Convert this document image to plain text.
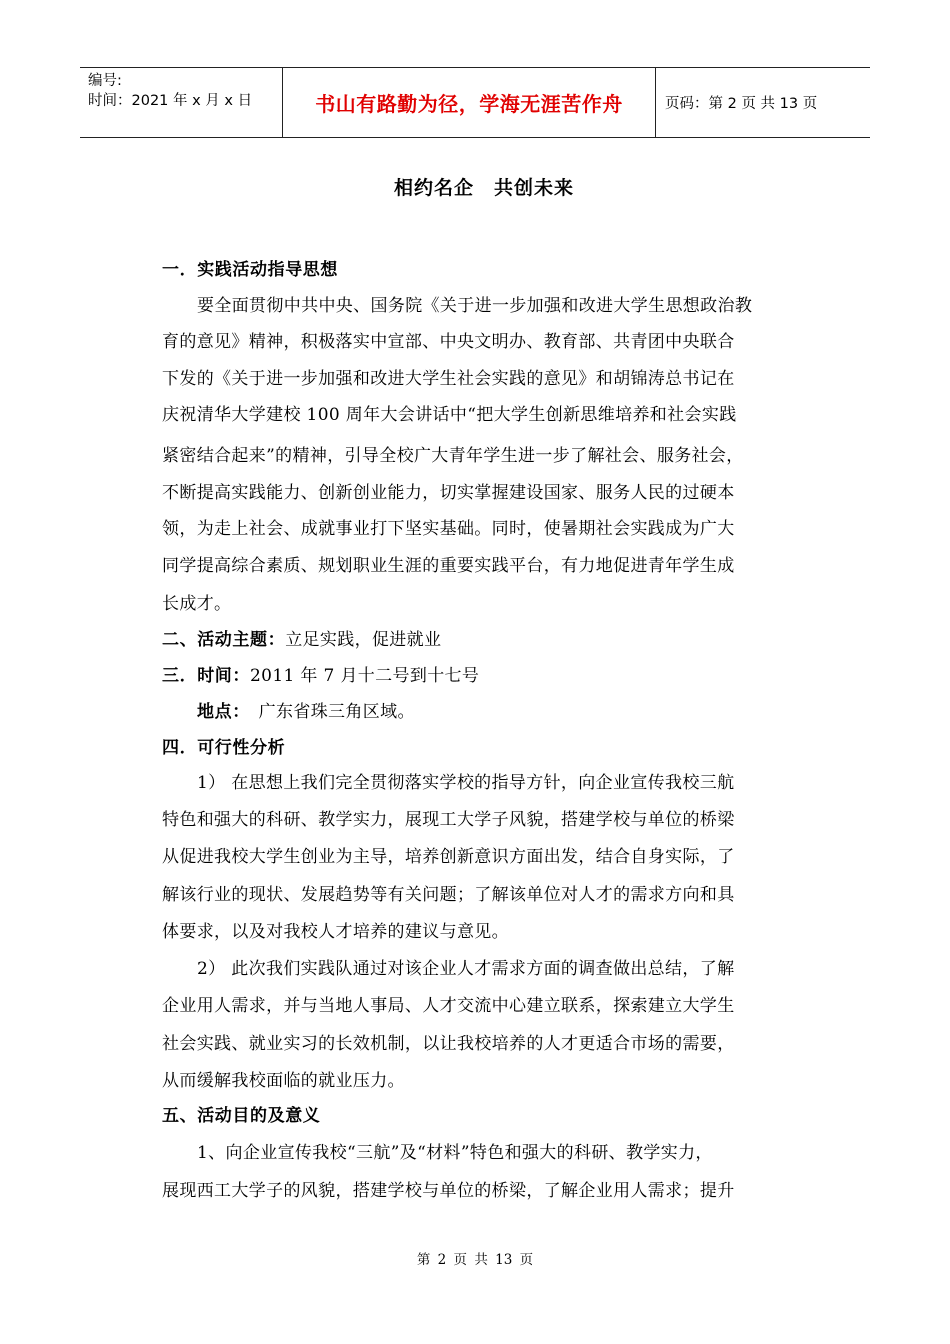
编号:
时间：2021 年 x 月 x 日	书山有路勤为径，学海无涯苦作舟	页码：第 2 页 共 13 页
相约名企　共创未来
一．实践活动指导思想
要全面贯彻中共中央、国务院《关于进一步加强和改进大学生思想政治教
育的意见》精神，积极落实中宣部、中央文明办、教育部、共青团中央联合
下发的《关于进一步加强和改进大学生社会实践的意见》和胡锦涛总书记在
庆祝清华大学建校 100 周年大会讲话中“把大学生创新思维培养和社会实践
紧密结合起来”的精神，引导全校广大青年学生进一步了解社会、服务社会，
不断提高实践能力、创新创业能力，切实掌握建设国家、服务人民的过硬本
领，为走上社会、成就事业打下坚实基础。同时，使暑期社会实践成为广大
同学提高综合素质、规划职业生涯的重要实践平台，有力地促进青年学生成
长成才。
二、活动主题：立足实践，促进就业
三．时间：2011 年 7 月十二号到十七号
地点：　广东省珠三角区域。
四．可行性分析
1） 在思想上我们完全贯彻落实学校的指导方针，向企业宣传我校三航
特色和强大的科研、教学实力，展现工大学子风貌，搭建学校与单位的桥梁
从促进我校大学生创业为主导，培养创新意识方面出发，结合自身实际，了
解该行业的现状、发展趋势等有关问题；了解该单位对人才的需求方向和具
体要求，以及对我校人才培养的建议与意见。
2） 此次我们实践队通过对该企业人才需求方面的调查做出总结，了解
企业用人需求，并与当地人事局、人才交流中心建立联系，探索建立大学生
社会实践、就业实习的长效机制，以让我校培养的人才更适合市场的需要，
从而缓解我校面临的就业压力。
五、活动目的及意义
1、向企业宣传我校“三航”及“材料”特色和强大的科研、教学实力，
展现西工大学子的风貌，搭建学校与单位的桥梁，了解企业用人需求；提升
第 2 页 共 13 页
